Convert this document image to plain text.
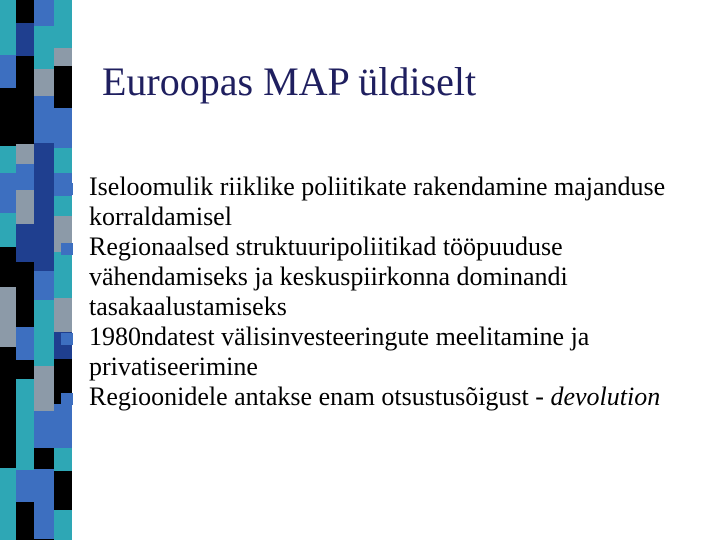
Euroopas MAP üldiselt
Iseloomulik riiklike poliitikate rakendamine majanduse korraldamisel
Regionaalsed struktuuripoliitikad tööpuuduse vähendamiseks ja keskuspiirkonna dominandi tasakaalustamiseks
1980ndatest välisinvesteeringute meelitamine ja privatiseerimine
Regioonidele antakse enam otsustusõigust - devolution
